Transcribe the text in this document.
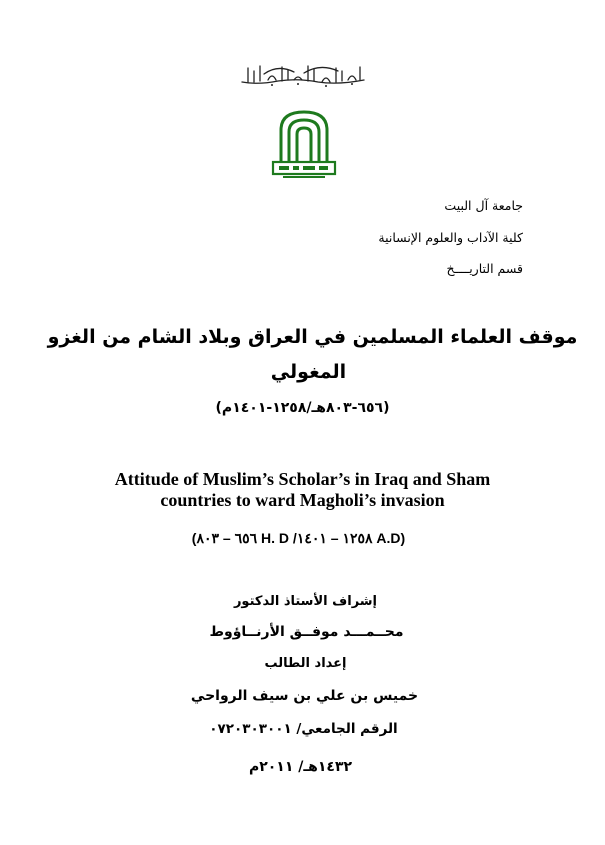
جامعة آل البيت
كلية الآداب والعلوم الإنسانية
قسم التاريــــخ
موقف العلماء المسلمين في العراق وبلاد الشام من الغزو
المغولي
(٦٥٦-٨٠٣هـ/١٢٥٨-١٤٠١م)
Attitude of Muslim’s Scholar’s in Iraq and Sham
countries to ward Magholi’s invasion
(٦٥٦ – ٨٠٣ H. D /١٢٥٨ – ١٤٠١ A.D)
إشراف الأستاذ الدكتور
محــمـــد موفــق الأرنــاؤوط
إعداد الطالب
خميس بن علي بن سيف الرواحي
الرقم الجامعي/ ٠٧٢٠٣٠٣٠٠١
١٤٣٢هـ/ ٢٠١١م
